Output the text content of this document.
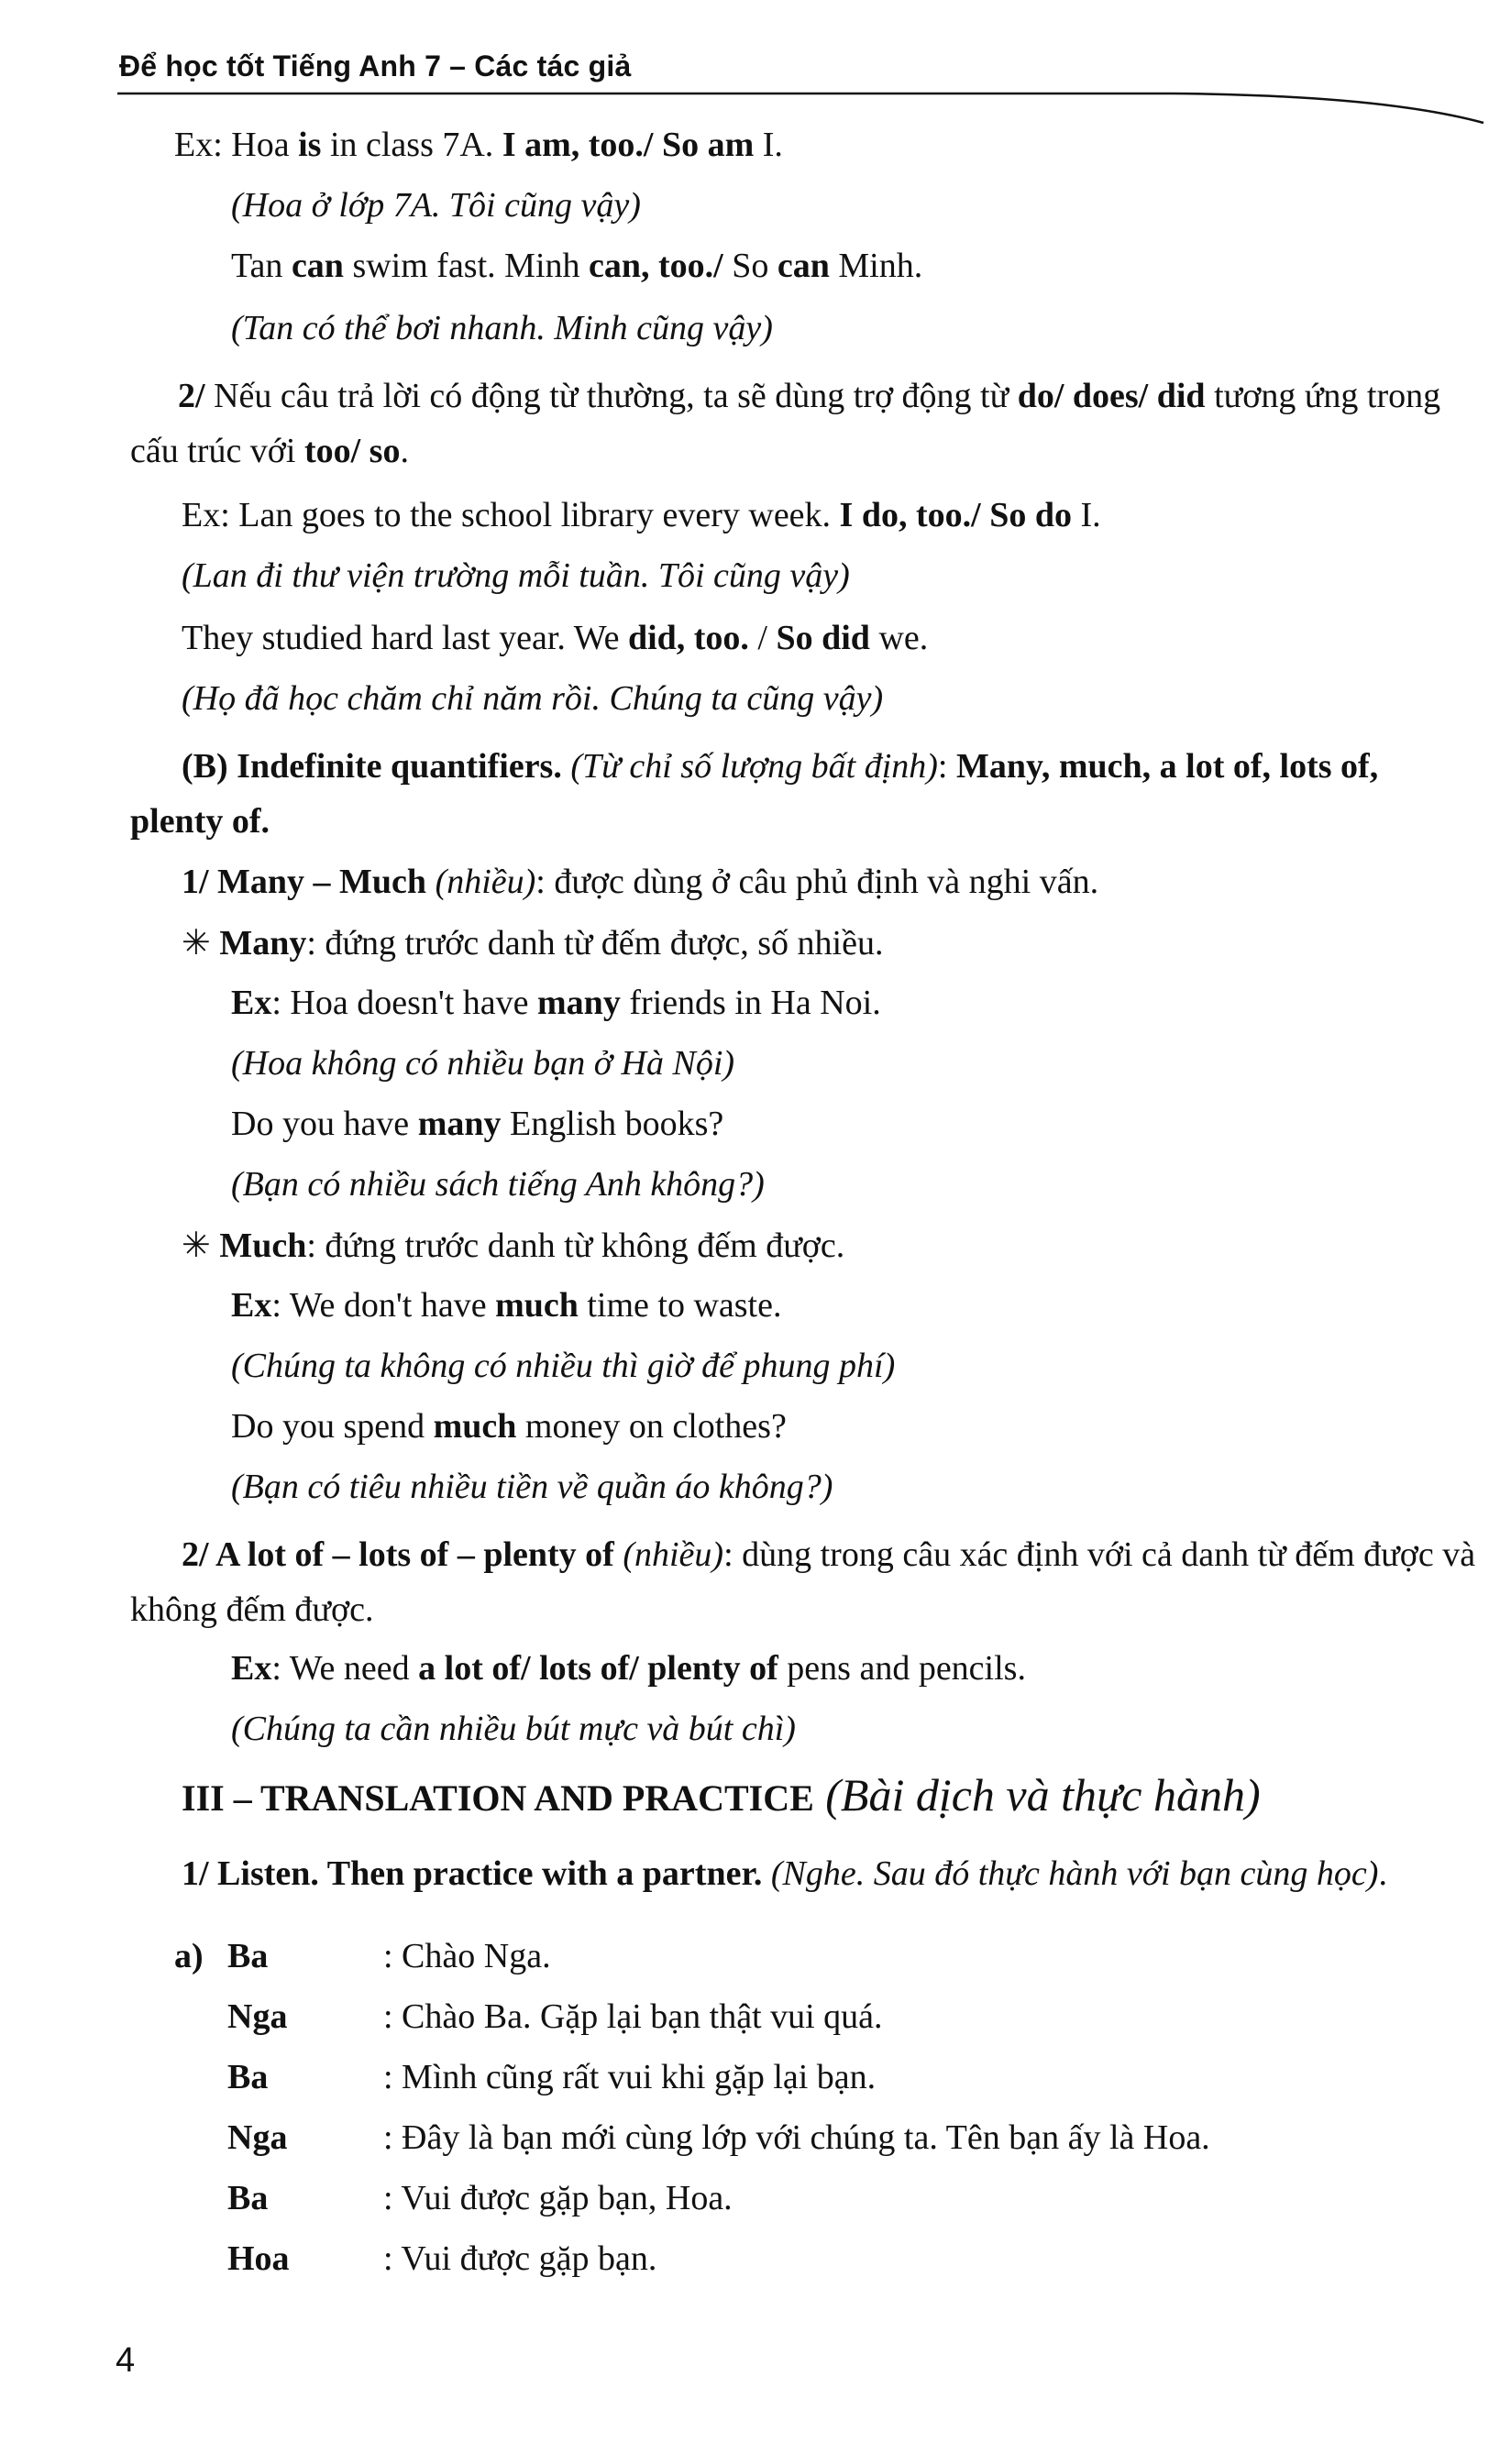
Để học tốt Tiếng Anh 7 – Các tác giả
Ex: Hoa is in class 7A. I am, too./ So am I.
(Hoa ở lớp 7A. Tôi cũng vậy)
Tan can swim fast. Minh can, too./ So can Minh.
(Tan có thể bơi nhanh. Minh cũng vậy)
2/ Nếu câu trả lời có động từ thường, ta sẽ dùng trợ động từ do/ does/ did tương ứng trong cấu trúc với too/ so.
Ex: Lan goes to the school library every week. I do, too./ So do I.
(Lan đi thư viện trường mỗi tuần. Tôi cũng vậy)
They studied hard last year. We did, too. / So did we.
(Họ đã học chăm chỉ năm rồi. Chúng ta cũng vậy)
(B) Indefinite quantifiers. (Từ chỉ số lượng bất định): Many, much, a lot of, lots of, plenty of.
1/ Many – Much (nhiều): được dùng ở câu phủ định và nghi vấn.
✳ Many: đứng trước danh từ đếm được, số nhiều.
Ex: Hoa doesn't have many friends in Ha Noi.
(Hoa không có nhiều bạn ở Hà Nội)
Do you have many English books?
(Bạn có nhiều sách tiếng Anh không?)
✳ Much: đứng trước danh từ không đếm được.
Ex: We don't have much time to waste.
(Chúng ta không có nhiều thì giờ để phung phí)
Do you spend much money on clothes?
(Bạn có tiêu nhiều tiền về quần áo không?)
2/ A lot of – lots of – plenty of (nhiều): dùng trong câu xác định với cả danh từ đếm được và không đếm được.
Ex: We need a lot of/ lots of/ plenty of pens and pencils.
(Chúng ta cần nhiều bút mực và bút chì)
III – TRANSLATION AND PRACTICE (Bài dịch và thực hành)
1/ Listen. Then practice with a partner. (Nghe. Sau đó thực hành với bạn cùng học).
a) Ba	: Chào Nga.
Nga	: Chào Ba. Gặp lại bạn thật vui quá.
Ba	: Mình cũng rất vui khi gặp lại bạn.
Nga	: Đây là bạn mới cùng lớp với chúng ta. Tên bạn ấy là Hoa.
Ba	: Vui được gặp bạn, Hoa.
Hoa	: Vui được gặp bạn.
4
